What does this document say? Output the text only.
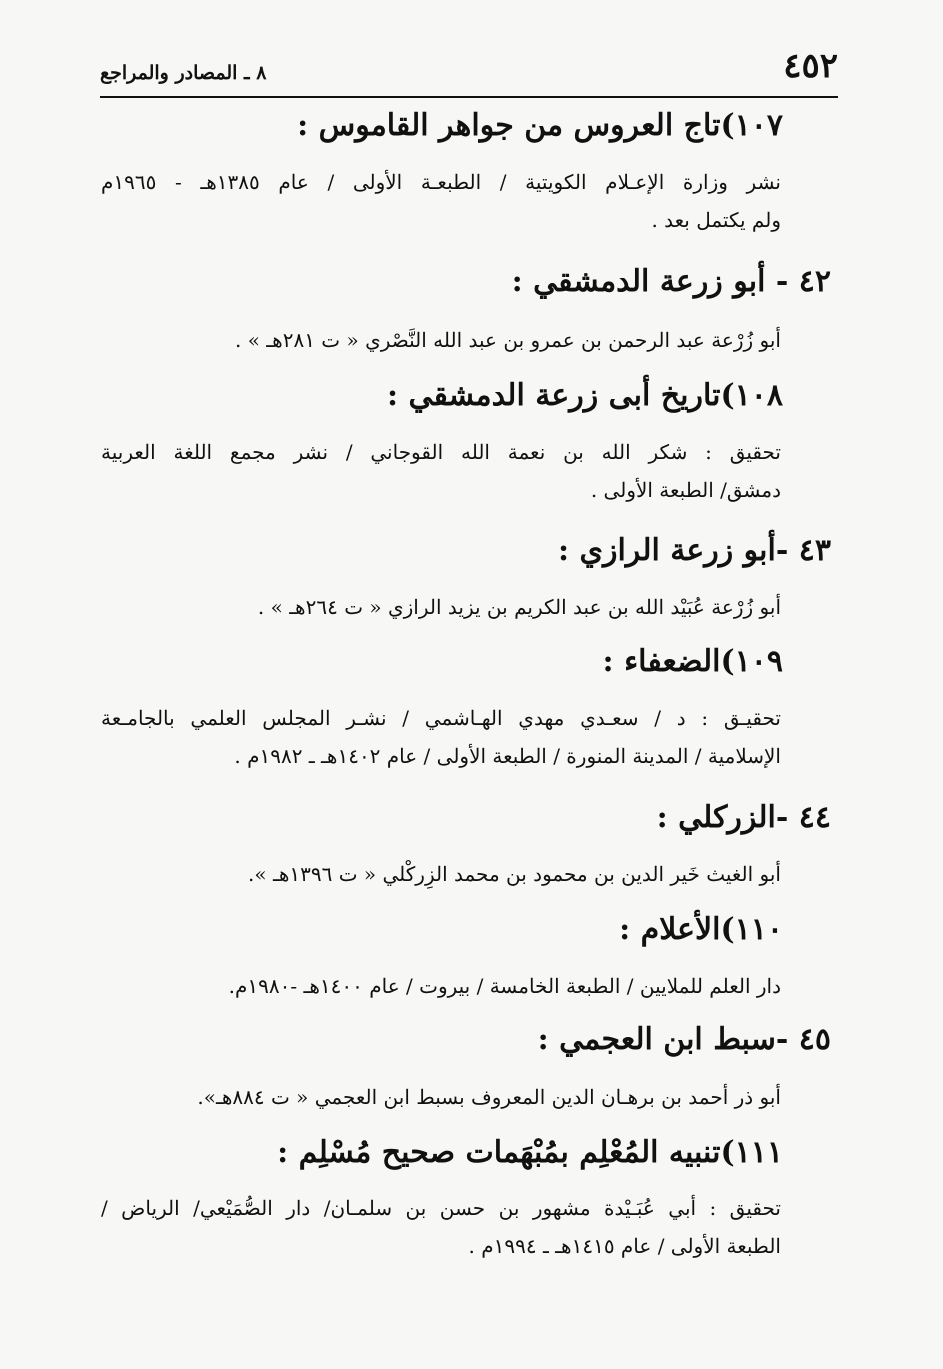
٤٥٢
٨ ـ المصادر والمراجع
١٠٧)تاج العروس من جواهر القاموس :
نشر وزارة الإعـلام الكويتية / الطبعـة الأولى / عام ١٣٨٥هـ - ١٩٦٥م
ولم يكتمل بعد .
٤٢ - أبو زرعة الدمشقي :
أبو زُرْعة عبد الرحمن بن عمرو بن عبد الله النَّصْري « ت ٢٨١هـ » .
١٠٨)تاريخ أبى زرعة الدمشقي :
تحقيق : شكر الله بن نعمة الله القوجاني / نشر مجمع اللغة العربية
دمشق/ الطبعة الأولى .
٤٣ -أبو زرعة الرازي :
أبو زُرْعة عُبَيْد الله بن عبد الكريم بن يزيد الرازي « ت ٢٦٤هـ » .
١٠٩)الضعفاء :
تحقيـق : د / سعـدي مهدي الهـاشمي / نشـر المجلس العلمي بالجامـعة
الإسلامية / المدينة المنورة / الطبعة الأولى / عام ١٤٠٢هـ ـ ١٩٨٢م .
٤٤ -الزركلي :
أبو الغيث خَير الدين بن محمود بن محمد الزِركْلي « ت ١٣٩٦هـ ».
١١٠)الأعلام :
دار العلم للملايين / الطبعة الخامسة / بيروت / عام ١٤٠٠هـ -١٩٨٠م.
٤٥ -سبط ابن العجمي :
أبو ذر أحمد بن برهـان الدين المعروف بسبط ابن العجمي « ت ٨٨٤هـ».
١١١)تنبيه المُعْلِم بمُبْهَمات صحيح مُسْلِم :
تحقيق : أبي عُبَـيْدة مشهور بن حسن بن سلمـان/ دار الصُّمَيْعي/ الرياض /
الطبعة الأولى / عام ١٤١٥هـ ـ ١٩٩٤م .
